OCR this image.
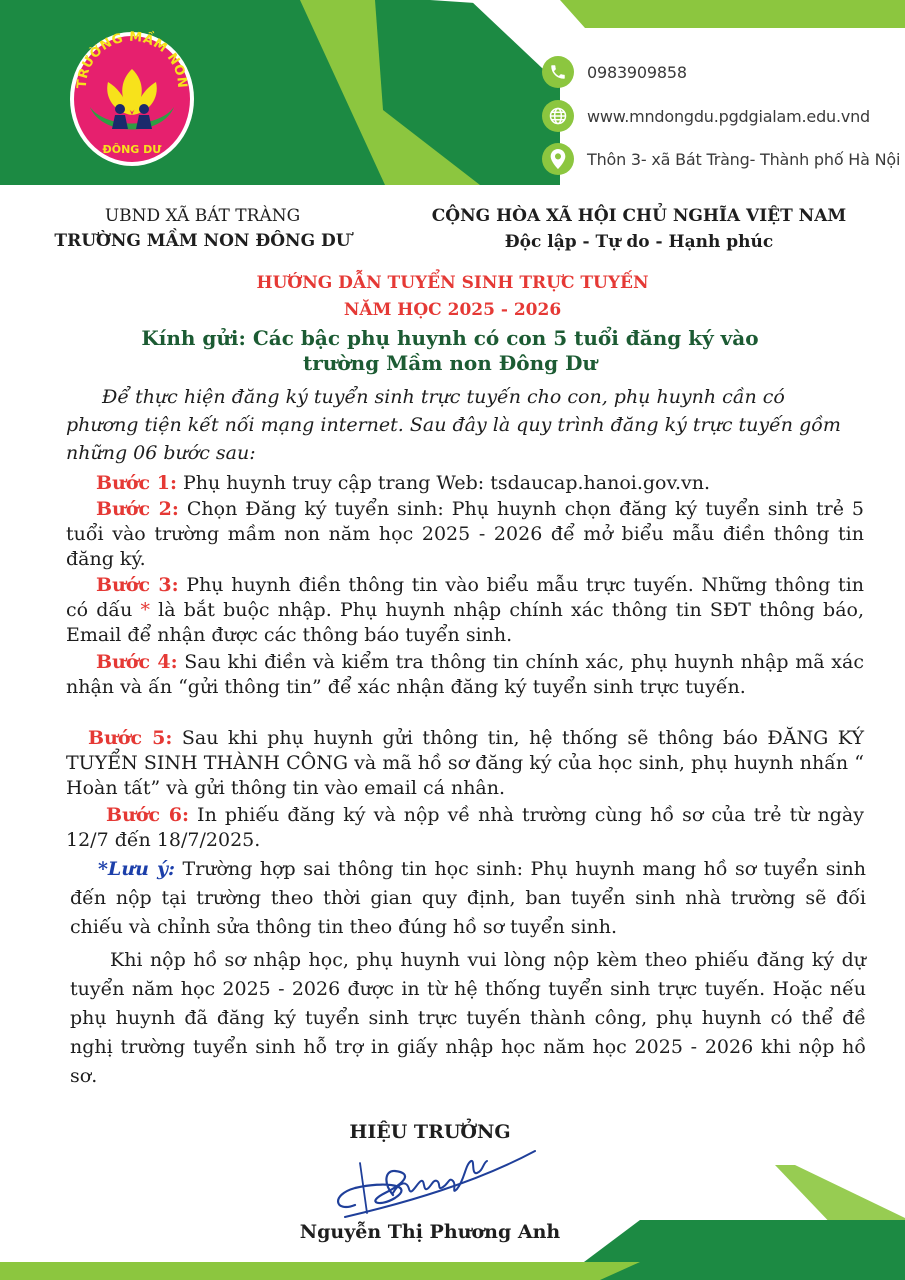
TRƯỜNG MẦM NON
ĐÔNG DƯ
0983909858
www.mndongdu.pgdgialam.edu.vnd
Thôn 3- xã Bát Tràng- Thành phố Hà Nội
UBND XÃ BÁT TRÀNG
TRƯỜNG MẦM NON ĐÔNG DƯ
CỘNG HÒA XÃ HỘI CHỦ NGHĨA VIỆT NAM
Độc lập - Tự do - Hạnh phúc
HƯỚNG DẪN TUYỂN SINH TRỰC TUYẾN
NĂM HỌC 2025 - 2026
Kính gửi: Các bậc phụ huynh có con 5 tuổi đăng ký vào
trường Mầm non Đông Dư
Để thực hiện đăng ký tuyển sinh trực tuyến cho con, phụ huynh cần có phương tiện kết nối mạng internet. Sau đây là quy trình đăng ký trực tuyến gồm những 06 bước sau:
Bước 1: Phụ huynh truy cập trang Web: tsdaucap.hanoi.gov.vn.
Bước 2: Chọn Đăng ký tuyển sinh: Phụ huynh chọn đăng ký tuyển sinh trẻ 5 tuổi vào trường mầm non năm học 2025 - 2026 để mở biểu mẫu điền thông tin đăng ký.
Bước 3: Phụ huynh điền thông tin vào biểu mẫu trực tuyến. Những thông tin có dấu * là bắt buộc nhập. Phụ huynh nhập chính xác thông tin SĐT thông báo, Email để nhận được các thông báo tuyển sinh.
Bước 4: Sau khi điền và kiểm tra thông tin chính xác, phụ huynh nhập mã xác nhận và ấn “gửi thông tin” để xác nhận đăng ký tuyển sinh trực tuyến.
Bước 5: Sau khi phụ huynh gửi thông tin, hệ thống sẽ thông báo ĐĂNG KÝ TUYỂN SINH THÀNH CÔNG và mã hồ sơ đăng ký của học sinh, phụ huynh nhấn “ Hoàn tất” và gửi thông tin vào email cá nhân.
Bước 6: In phiếu đăng ký và nộp về nhà trường cùng hồ sơ của trẻ từ ngày 12/7 đến 18/7/2025.
*Lưu ý: Trường hợp sai thông tin học sinh: Phụ huynh mang hồ sơ tuyển sinh đến nộp tại trường theo thời gian quy định, ban tuyển sinh nhà trường sẽ đối chiếu và chỉnh sửa thông tin theo đúng hồ sơ tuyển sinh.
Khi nộp hồ sơ nhập học, phụ huynh vui lòng nộp kèm theo phiếu đăng ký dự tuyển năm học 2025 - 2026 được in từ hệ thống tuyển sinh trực tuyến. Hoặc nếu phụ huynh đã đăng ký tuyển sinh trực tuyến thành công, phụ huynh có thể đề nghị trường tuyển sinh hỗ trợ in giấy nhập học năm học 2025 - 2026 khi nộp hồ sơ.
HIỆU TRƯỞNG
Nguyễn Thị Phương Anh
